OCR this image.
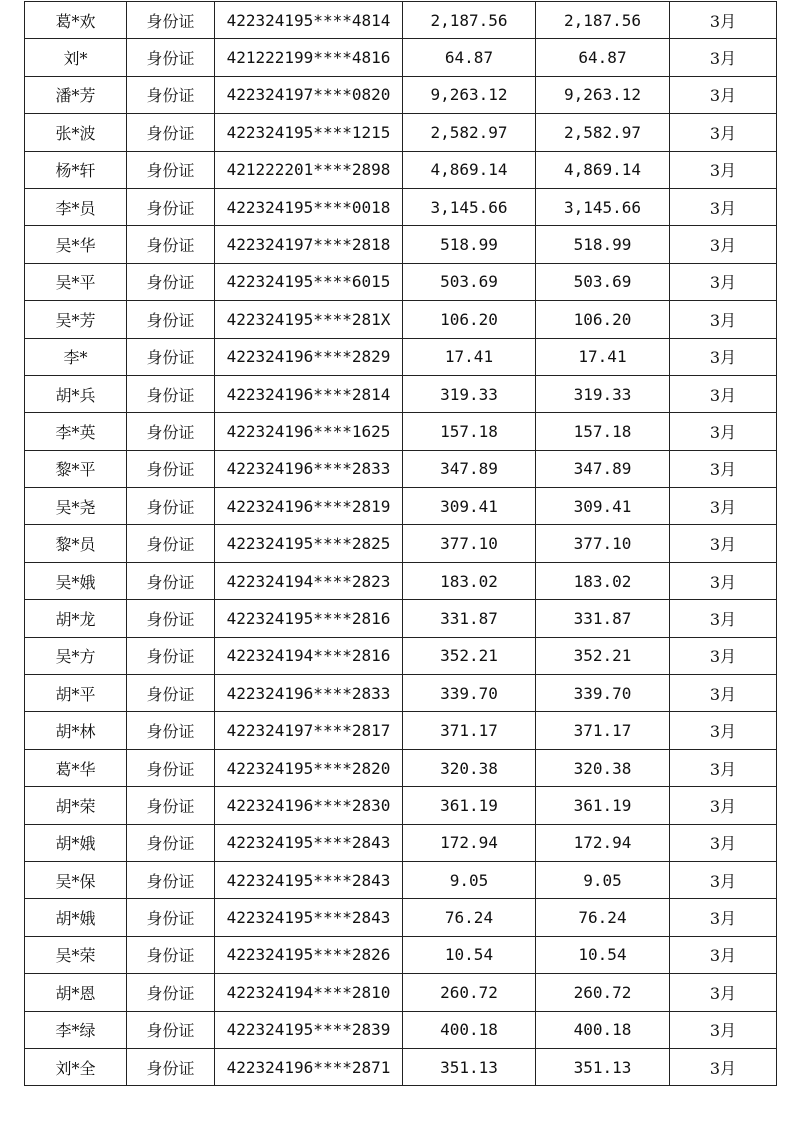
葛*欢	身份证	422324195****4814	2,187.56	2,187.56	3月
刘*	身份证	421222199****4816	64.87	64.87	3月
潘*芳	身份证	422324197****0820	9,263.12	9,263.12	3月
张*波	身份证	422324195****1215	2,582.97	2,582.97	3月
杨*轩	身份证	421222201****2898	4,869.14	4,869.14	3月
李*员	身份证	422324195****0018	3,145.66	3,145.66	3月
吴*华	身份证	422324197****2818	518.99	518.99	3月
吴*平	身份证	422324195****6015	503.69	503.69	3月
吴*芳	身份证	422324195****281X	106.20	106.20	3月
李*	身份证	422324196****2829	17.41	17.41	3月
胡*兵	身份证	422324196****2814	319.33	319.33	3月
李*英	身份证	422324196****1625	157.18	157.18	3月
黎*平	身份证	422324196****2833	347.89	347.89	3月
吴*尧	身份证	422324196****2819	309.41	309.41	3月
黎*员	身份证	422324195****2825	377.10	377.10	3月
吴*娥	身份证	422324194****2823	183.02	183.02	3月
胡*龙	身份证	422324195****2816	331.87	331.87	3月
吴*方	身份证	422324194****2816	352.21	352.21	3月
胡*平	身份证	422324196****2833	339.70	339.70	3月
胡*林	身份证	422324197****2817	371.17	371.17	3月
葛*华	身份证	422324195****2820	320.38	320.38	3月
胡*荣	身份证	422324196****2830	361.19	361.19	3月
胡*娥	身份证	422324195****2843	172.94	172.94	3月
吴*保	身份证	422324195****2843	9.05	9.05	3月
胡*娥	身份证	422324195****2843	76.24	76.24	3月
吴*荣	身份证	422324195****2826	10.54	10.54	3月
胡*恩	身份证	422324194****2810	260.72	260.72	3月
李*绿	身份证	422324195****2839	400.18	400.18	3月
刘*全	身份证	422324196****2871	351.13	351.13	3月
